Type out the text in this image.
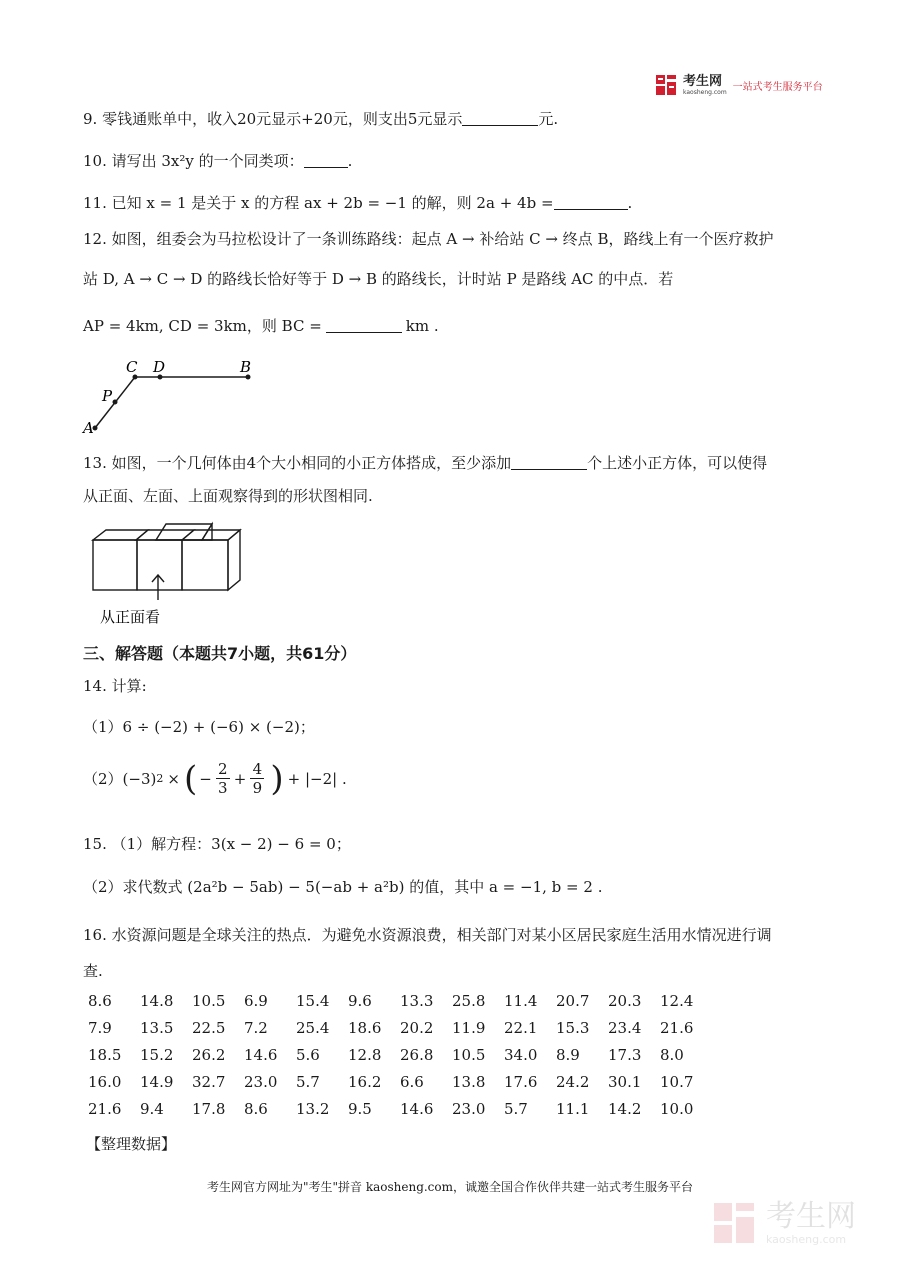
考生网
kaosheng.com 一站式考生服务平台
9. 零钱通账单中，收入20元显示+20元，则支出5元显示	元.
10. 请写出 3x²y 的一个同类项：	.
11. 已知 x = 1 是关于 x 的方程 ax + 2b = −1 的解，则 2a + 4b =	.
12. 如图，组委会为马拉松设计了一条训练路线：起点 A → 补给站 C → 终点 B，路线上有一个医疗救护
站 D, A → C → D 的路线长恰好等于 D → B 的路线长，计时站 P 是路线 AC 的中点．若
AP = 4km, CD = 3km，则 BC =	km .
A
P
C D	B
13. 如图，一个几何体由4个大小相同的小正方体搭成，至少添加	个上述小正方体，可以使得
从正面、左面、上面观察得到的形状图相同.
从正面看
三、解答题（本题共7小题，共61分）
14. 计算:
（1）6 ÷ (−2) + (−6) × (−2)；
（2）(−3) 2 × ( −
2
3
+
4
9 ) + |−2| .
15. （1）解方程：3(x − 2) − 6 = 0；
（2）求代数式 (2a²b − 5ab) − 5(−ab + a²b) 的值，其中 a = −1, b = 2 .
16. 水资源问题是全球关注的热点．为避免水资源浪费，相关部门对某小区居民家庭生活用水情况进行调
查.
8.6	14.8	10.5	6.9	15.4	9.6	13.3	25.8	11.4	20.7	20.3	12.4
7.9	13.5	22.5	7.2	25.4	18.6	20.2	11.9	22.1	15.3	23.4	21.6
18.5	15.2	26.2	14.6	5.6	12.8	26.8	10.5	34.0	8.9	17.3	8.0
16.0	14.9	32.7	23.0	5.7	16.2	6.6	13.8	17.6	24.2	30.1	10.7
21.6	9.4	17.8	8.6	13.2	9.5	14.6	23.0	5.7	11.1	14.2	10.0
【整理数据】
考生网官方网址为"考生"拼音 kaosheng.com，诚邀全国合作伙伴共建一站式考生服务平台
考生网
kaosheng.com
